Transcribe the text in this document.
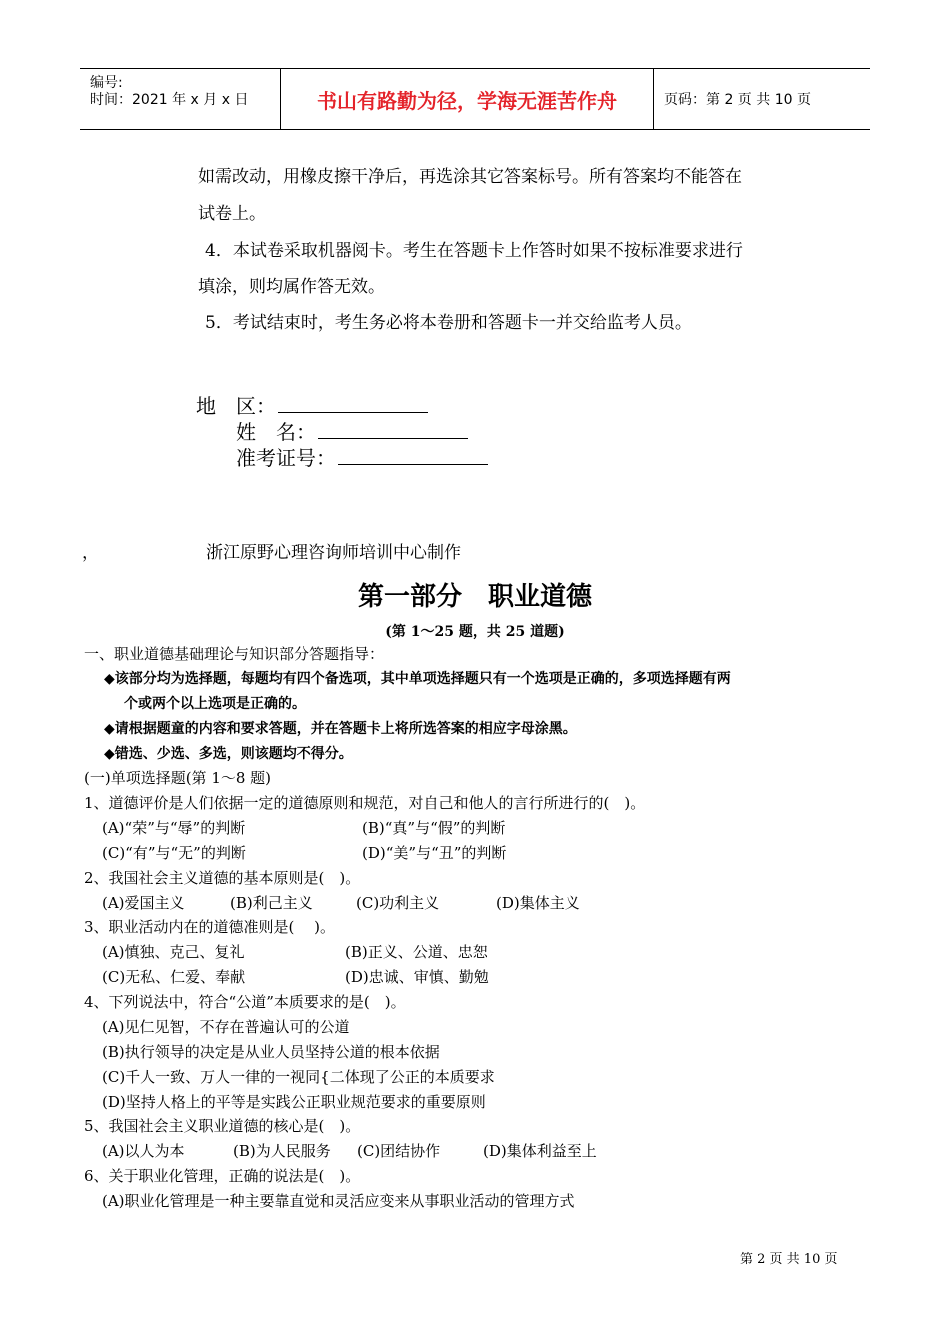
编号:
时间：2021 年 x 月 x 日	书山有路勤为径，学海无涯苦作舟	页码：第 2 页 共 10 页
如需改动，用橡皮擦干净后，再选涂其它答案标号。所有答案均不能答在
试卷上。
4．本试卷采取机器阅卡。考生在答题卡上作答时如果不按标准要求进行
填涂，则均属作答无效。
5．考试结束时，考生务必将本卷册和答题卡一并交给监考人员。
地　区：
姓　名：
准考证号：
，	浙江原野心理咨询师培训中心制作
第一部分　职业道德
(第 1～25 题，共 25 道题)
一、职业道德基础理论与知识部分答题指导：
◆该部分均为选择题，每题均有四个备选项，其中单项选择题只有一个选项是正确的，多项选择题有两
个或两个以上选项是正确的。
◆请根据题童的内容和要求答题，并在答题卡上将所选答案的相应字母涂黑。
◆错选、少选、多选，则该题均不得分。
(一)单项选择题(第 1～8 题)
1、道德评价是人们依据一定的道德原则和规范，对自己和他人的言行所进行的(　)。
(A)“荣”与“辱”的判断	(B)“真”与“假”的判断
(C)“有”与“无”的判断	(D)“美”与“丑”的判断
2、我国社会主义道德的基本原则是(　)。
(A)爱国主义	(B)利己主义	(C)功利主义	(D)集体主义
3、职业活动内在的道德准则是(　 )。
(A)慎独、克己、复礼	(B)正义、公道、忠恕
(C)无私、仁爱、奉献	(D)忠诚、审慎、勤勉
4、下列说法中，符合“公道”本质要求的是(　)。
(A)见仁见智，不存在普遍认可的公道
(B)执行领导的决定是从业人员坚持公道的根本依据
(C)千人一致、万人一律的一视同{二体现了公正的本质要求
(D)坚持人格上的平等是实践公正职业规范要求的重要原则
5、我国社会主义职业道德的核心是(　)。
(A)以人为本	(B)为人民服务 (C)团结协作	(D)集体利益至上
6、关于职业化管理，正确的说法是(　)。
(A)职业化管理是一种主要靠直觉和灵活应变来从事职业活动的管理方式
第 2 页 共 10 页
